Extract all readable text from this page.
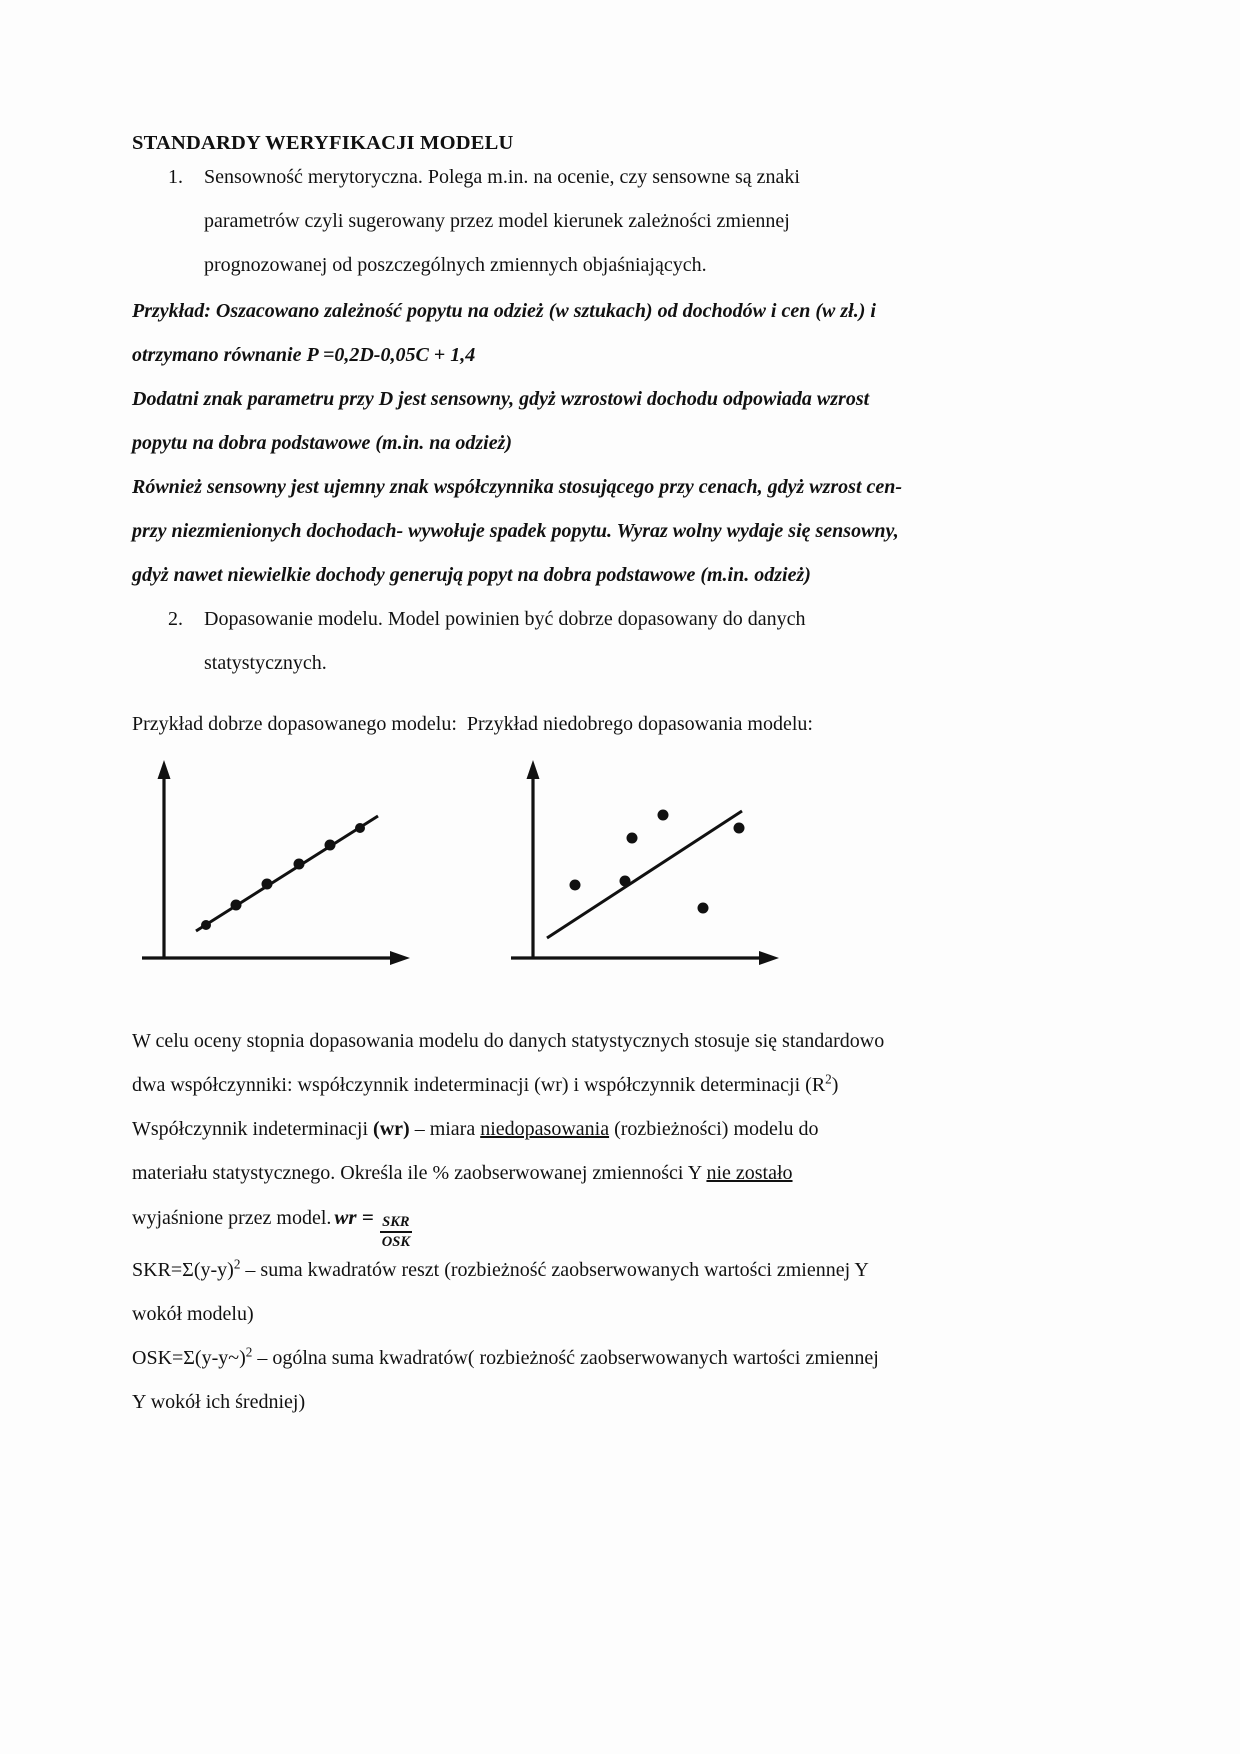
STANDARDY WERYFIKACJI MODELU
1. Sensowność merytoryczna. Polega m.in. na ocenie, czy sensowne są znaki
parametrów czyli sugerowany przez model kierunek zależności zmiennej
prognozowanej od poszczególnych zmiennych objaśniających.

Przykład: Oszacowano zależność popytu na odzież (w sztukach) od dochodów i cen (w zł.) i

otrzymano równanie P =0,2D-0,05C + 1,4

Dodatni znak parametru przy D jest sensowny, gdyż wzrostowi dochodu odpowiada wzrost

popytu na dobra podstawowe (m.in. na odzież)

Również sensowny jest ujemny znak współczynnika stosującego przy cenach, gdyż wzrost cen-

przy niezmienionych dochodach- wywołuje spadek popytu. Wyraz wolny wydaje się sensowny,

gdyż nawet niewielkie dochody generują popyt na dobra podstawowe (m.in. odzież)

2. Dopasowanie modelu. Model powinien być dobrze dopasowany do danych
statystycznych.
Przykład dobrze dopasowanego modelu: Przykład niedobrego dopasowania modelu:

W celu oceny stopnia dopasowania modelu do danych statystycznych stosuje się standardowo

dwa współczynniki: współczynnik indeterminacji (wr) i współczynnik determinacji $(R^2)$

Współczynnik indeterminacji (wr) – miara niedopasowania (rozbieżności) modelu do

materiału statystycznego. Określa ile % zaobserwowanej zmienności Y nie zostało

wyjaśnione przez model. wr = $\frac{\text{SKR}}{\text{OSK}}$

$SKR=\Sigma(y-y)^2$ – suma kwadratów reszt (rozbieżność zaobserwowanych wartości zmiennej Y

wokół modelu)

OSK=Σ(y-y~)$^2$ – ogólna suma kwadratów( rozbieżność zaobserwowanych wartości zmiennej

Y wokół ich średniej)
